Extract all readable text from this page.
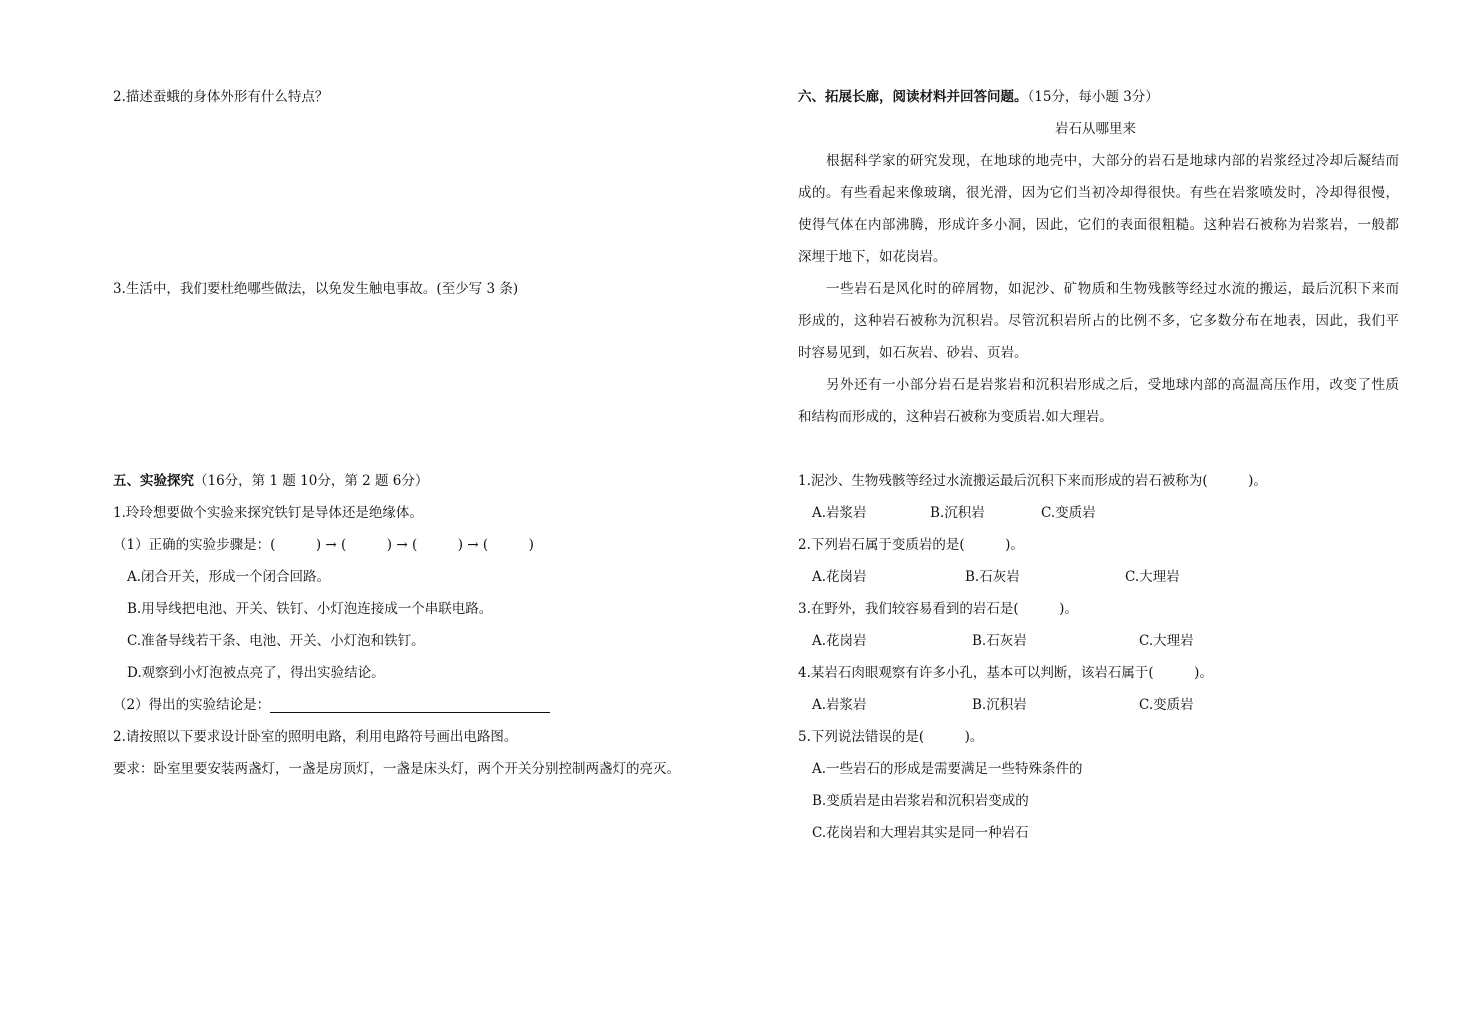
2.描述蚕蛾的身体外形有什么特点？
3.生活中，我们要杜绝哪些做法，以免发生触电事故。(至少写 3 条)
五、实验探究（16分，第 1 题 10分，第 2 题 6分）
1.玲玲想要做个实验来探究铁钉是导体还是绝缘体。
（1）正确的实验步骤是：(　　　) → (　　　) → (　　　) → (　　　)
A.闭合开关，形成一个闭合回路。
B.用导线把电池、开关、铁钉、小灯泡连接成一个串联电路。
C.准备导线若干条、电池、开关、小灯泡和铁钉。
D.观察到小灯泡被点亮了，得出实验结论。
（2）得出的实验结论是：
2.请按照以下要求设计卧室的照明电路，利用电路符号画出电路图。
要求：卧室里要安装两盏灯，一盏是房顶灯，一盏是床头灯，两个开关分别控制两盏灯的亮灭。
六、拓展长廊，阅读材料并回答问题。（15分，每小题 3分）
岩石从哪里来
根据科学家的研究发现，在地球的地壳中，大部分的岩石是地球内部的岩浆经过冷却后凝结而
成的。有些看起来像玻璃，很光滑，因为它们当初冷却得很快。有些在岩浆喷发时，冷却得很慢，
使得气体在内部沸腾，形成许多小洞，因此，它们的表面很粗糙。这种岩石被称为岩浆岩，一般都
深埋于地下，如花岗岩。
一些岩石是风化时的碎屑物，如泥沙、矿物质和生物残骸等经过水流的搬运，最后沉积下来而
形成的，这种岩石被称为沉积岩。尽管沉积岩所占的比例不多，它多数分布在地表，因此，我们平
时容易见到，如石灰岩、砂岩、页岩。
另外还有一小部分岩石是岩浆岩和沉积岩形成之后，受地球内部的高温高压作用，改变了性质
和结构而形成的，这种岩石被称为变质岩.如大理岩。
1.泥沙、生物残骸等经过水流搬运最后沉积下来而形成的岩石被称为(　　　)。
A.岩浆岩	B.沉积岩	C.变质岩
2.下列岩石属于变质岩的是(　　　)。
A.花岗岩	B.石灰岩	C.大理岩
3.在野外，我们较容易看到的岩石是(　　　)。
A.花岗岩	B.石灰岩	C.大理岩
4.某岩石肉眼观察有许多小孔，基本可以判断，该岩石属于(　　　)。
A.岩浆岩	B.沉积岩	C.变质岩
5.下列说法错误的是(　　　)。
A.一些岩石的形成是需要满足一些特殊条件的
B.变质岩是由岩浆岩和沉积岩变成的
C.花岗岩和大理岩其实是同一种岩石
